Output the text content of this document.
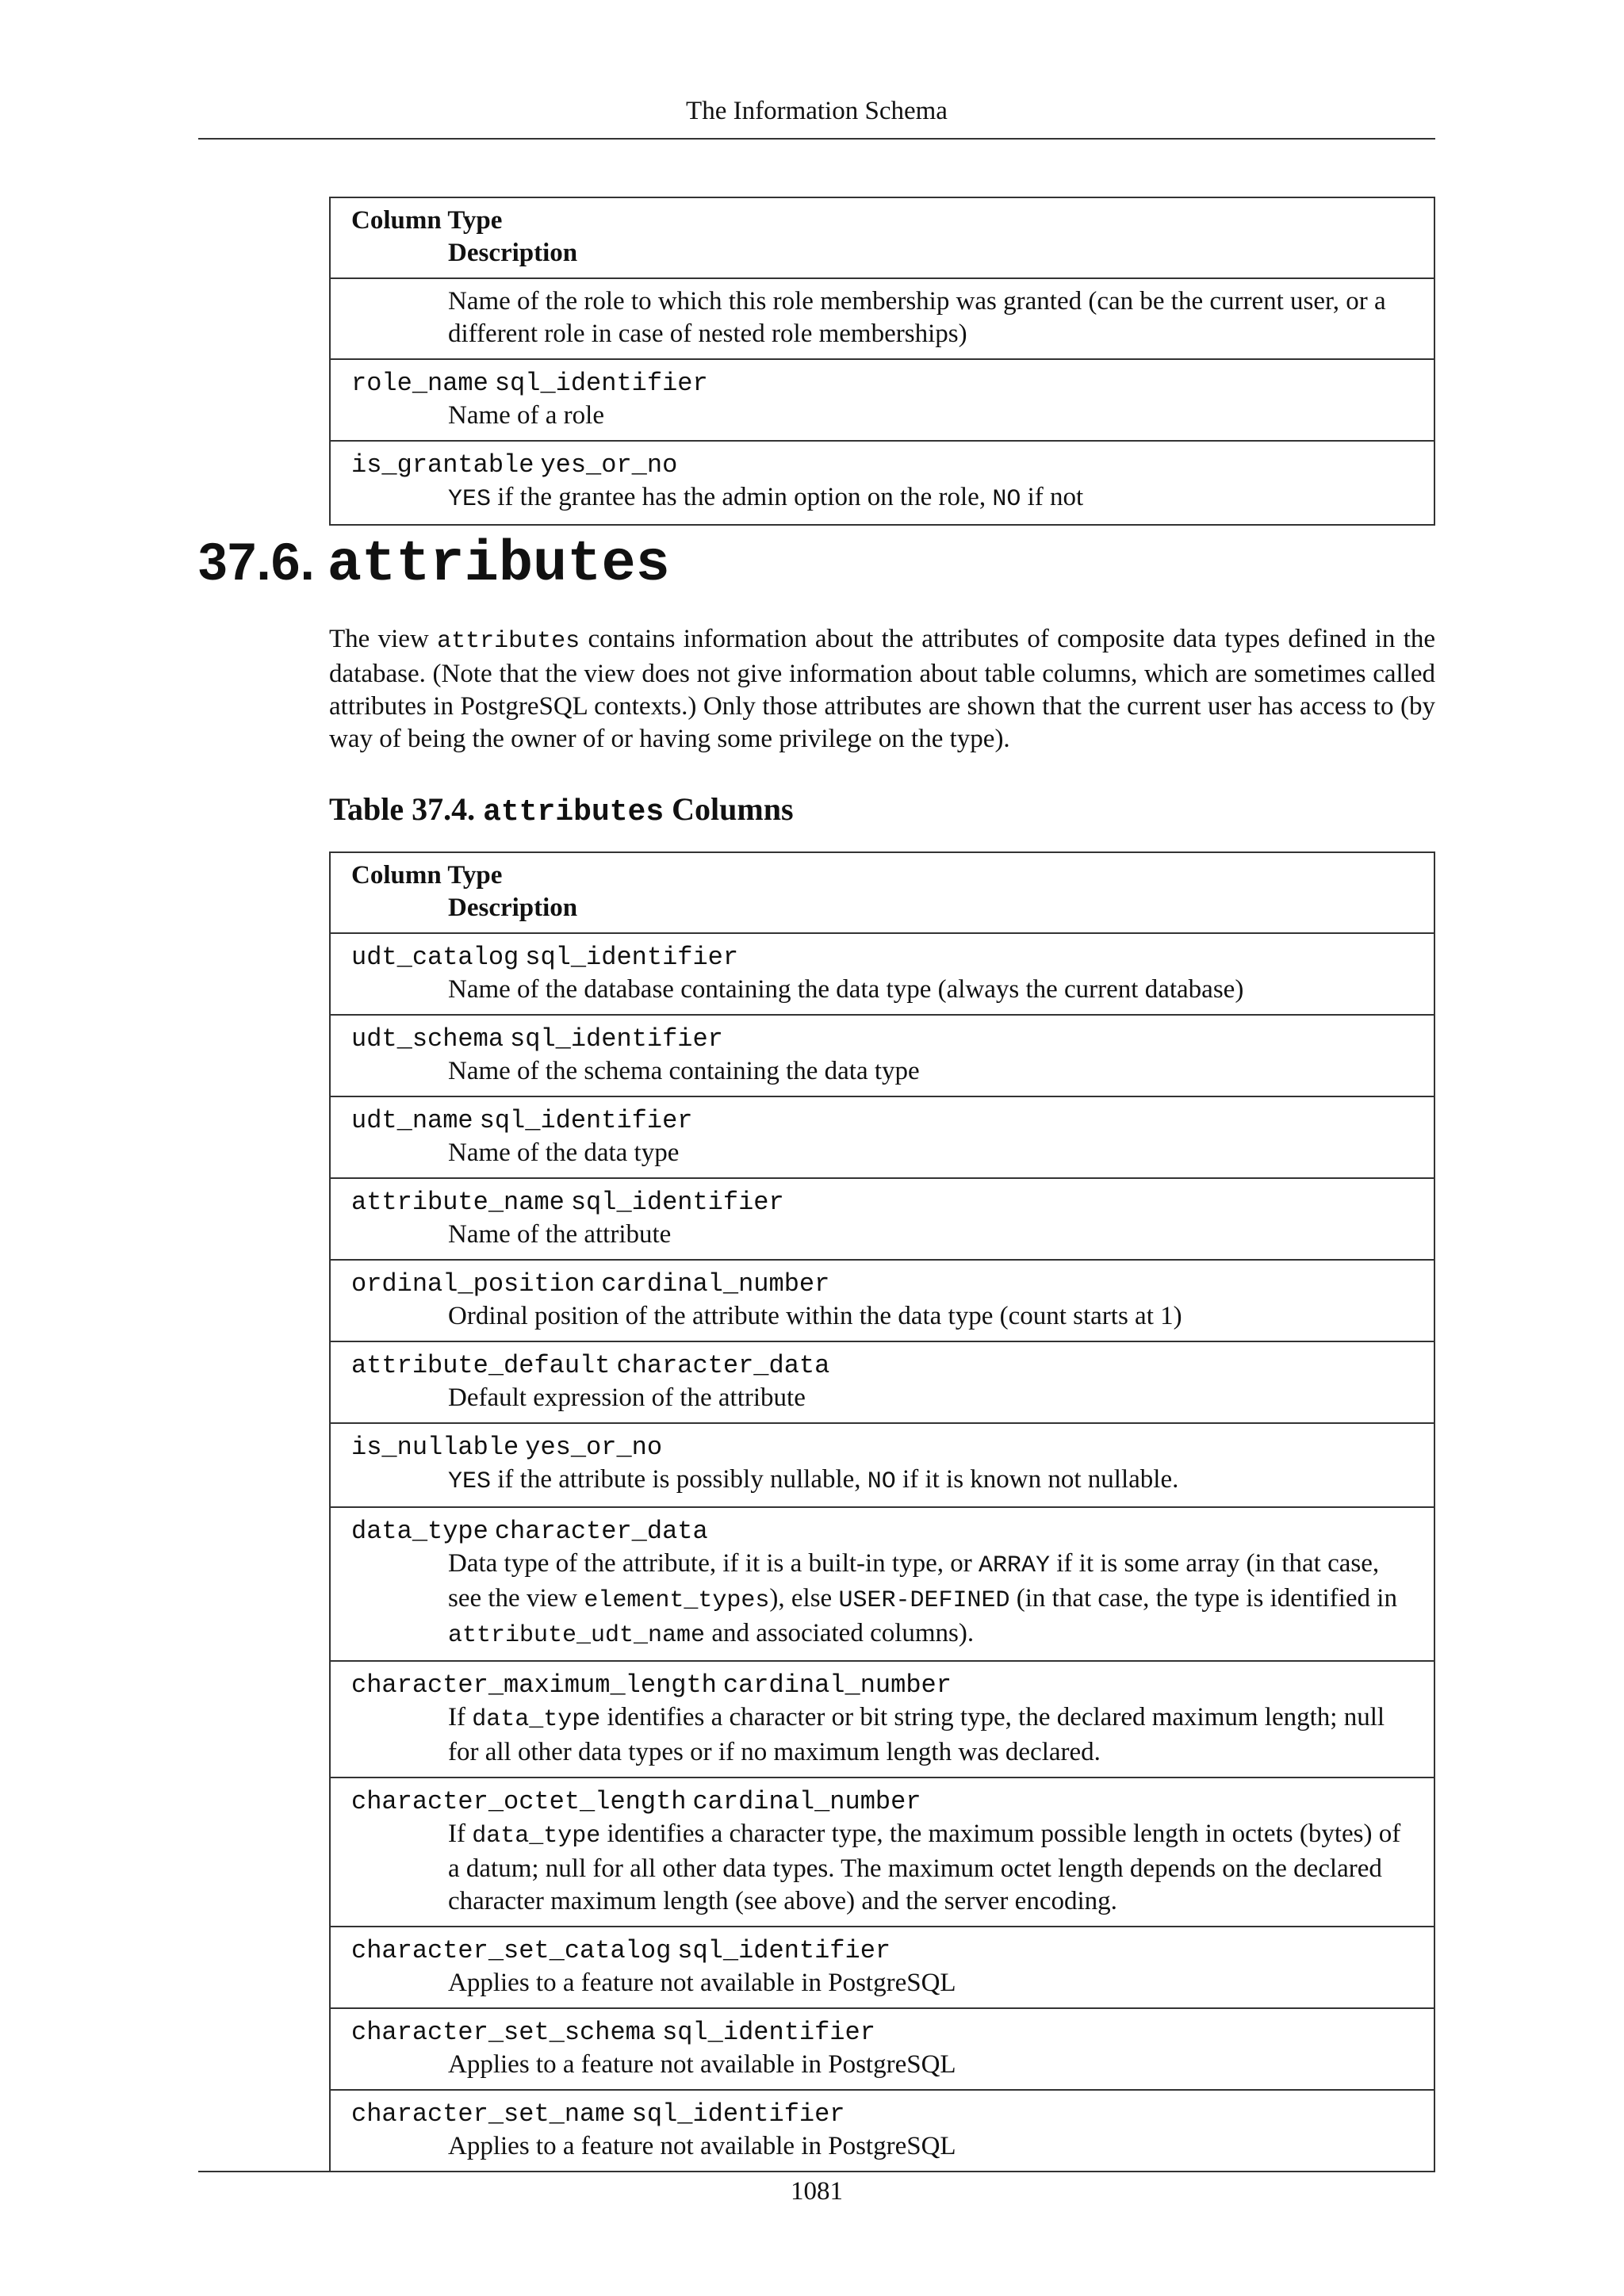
The Information Schema
Column Type
Description

Name of the role to which this role membership was granted (can be the current user, or a different role in case of nested role memberships)

role_name sql_identifier
Name of a role

is_grantable yes_or_no
YES if the grantee has the admin option on the role, NO if not
37.6. attributes

The view attributes contains information about the attributes of composite data types defined in the database. (Note that the view does not give information about table columns, which are sometimes called attributes in PostgreSQL contexts.) Only those attributes are shown that the current user has access to (by way of being the owner of or having some privilege on the type).

Table 37.4. attributes Columns

Column Type
Description

udt_catalog sql_identifier
Name of the database containing the data type (always the current database)

udt_schema sql_identifier
Name of the schema containing the data type

udt_name sql_identifier
Name of the data type

attribute_name sql_identifier
Name of the attribute

ordinal_position cardinal_number
Ordinal position of the attribute within the data type (count starts at 1)

attribute_default character_data
Default expression of the attribute

is_nullable yes_or_no
YES if the attribute is possibly nullable, NO if it is known not nullable.

data_type character_data
Data type of the attribute, if it is a built-in type, or ARRAY if it is some array (in that case, see the view element_types), else USER-DEFINED (in that case, the type is identified in attribute_udt_name and associated columns).

character_maximum_length cardinal_number
If data_type identifies a character or bit string type, the declared maximum length; null for all other data types or if no maximum length was declared.

character_octet_length cardinal_number
If data_type identifies a character type, the maximum possible length in octets (bytes) of a datum; null for all other data types. The maximum octet length depends on the declared character maximum length (see above) and the server encoding.

character_set_catalog sql_identifier
Applies to a feature not available in PostgreSQL

character_set_schema sql_identifier
Applies to a feature not available in PostgreSQL

character_set_name sql_identifier
Applies to a feature not available in PostgreSQL
1081
